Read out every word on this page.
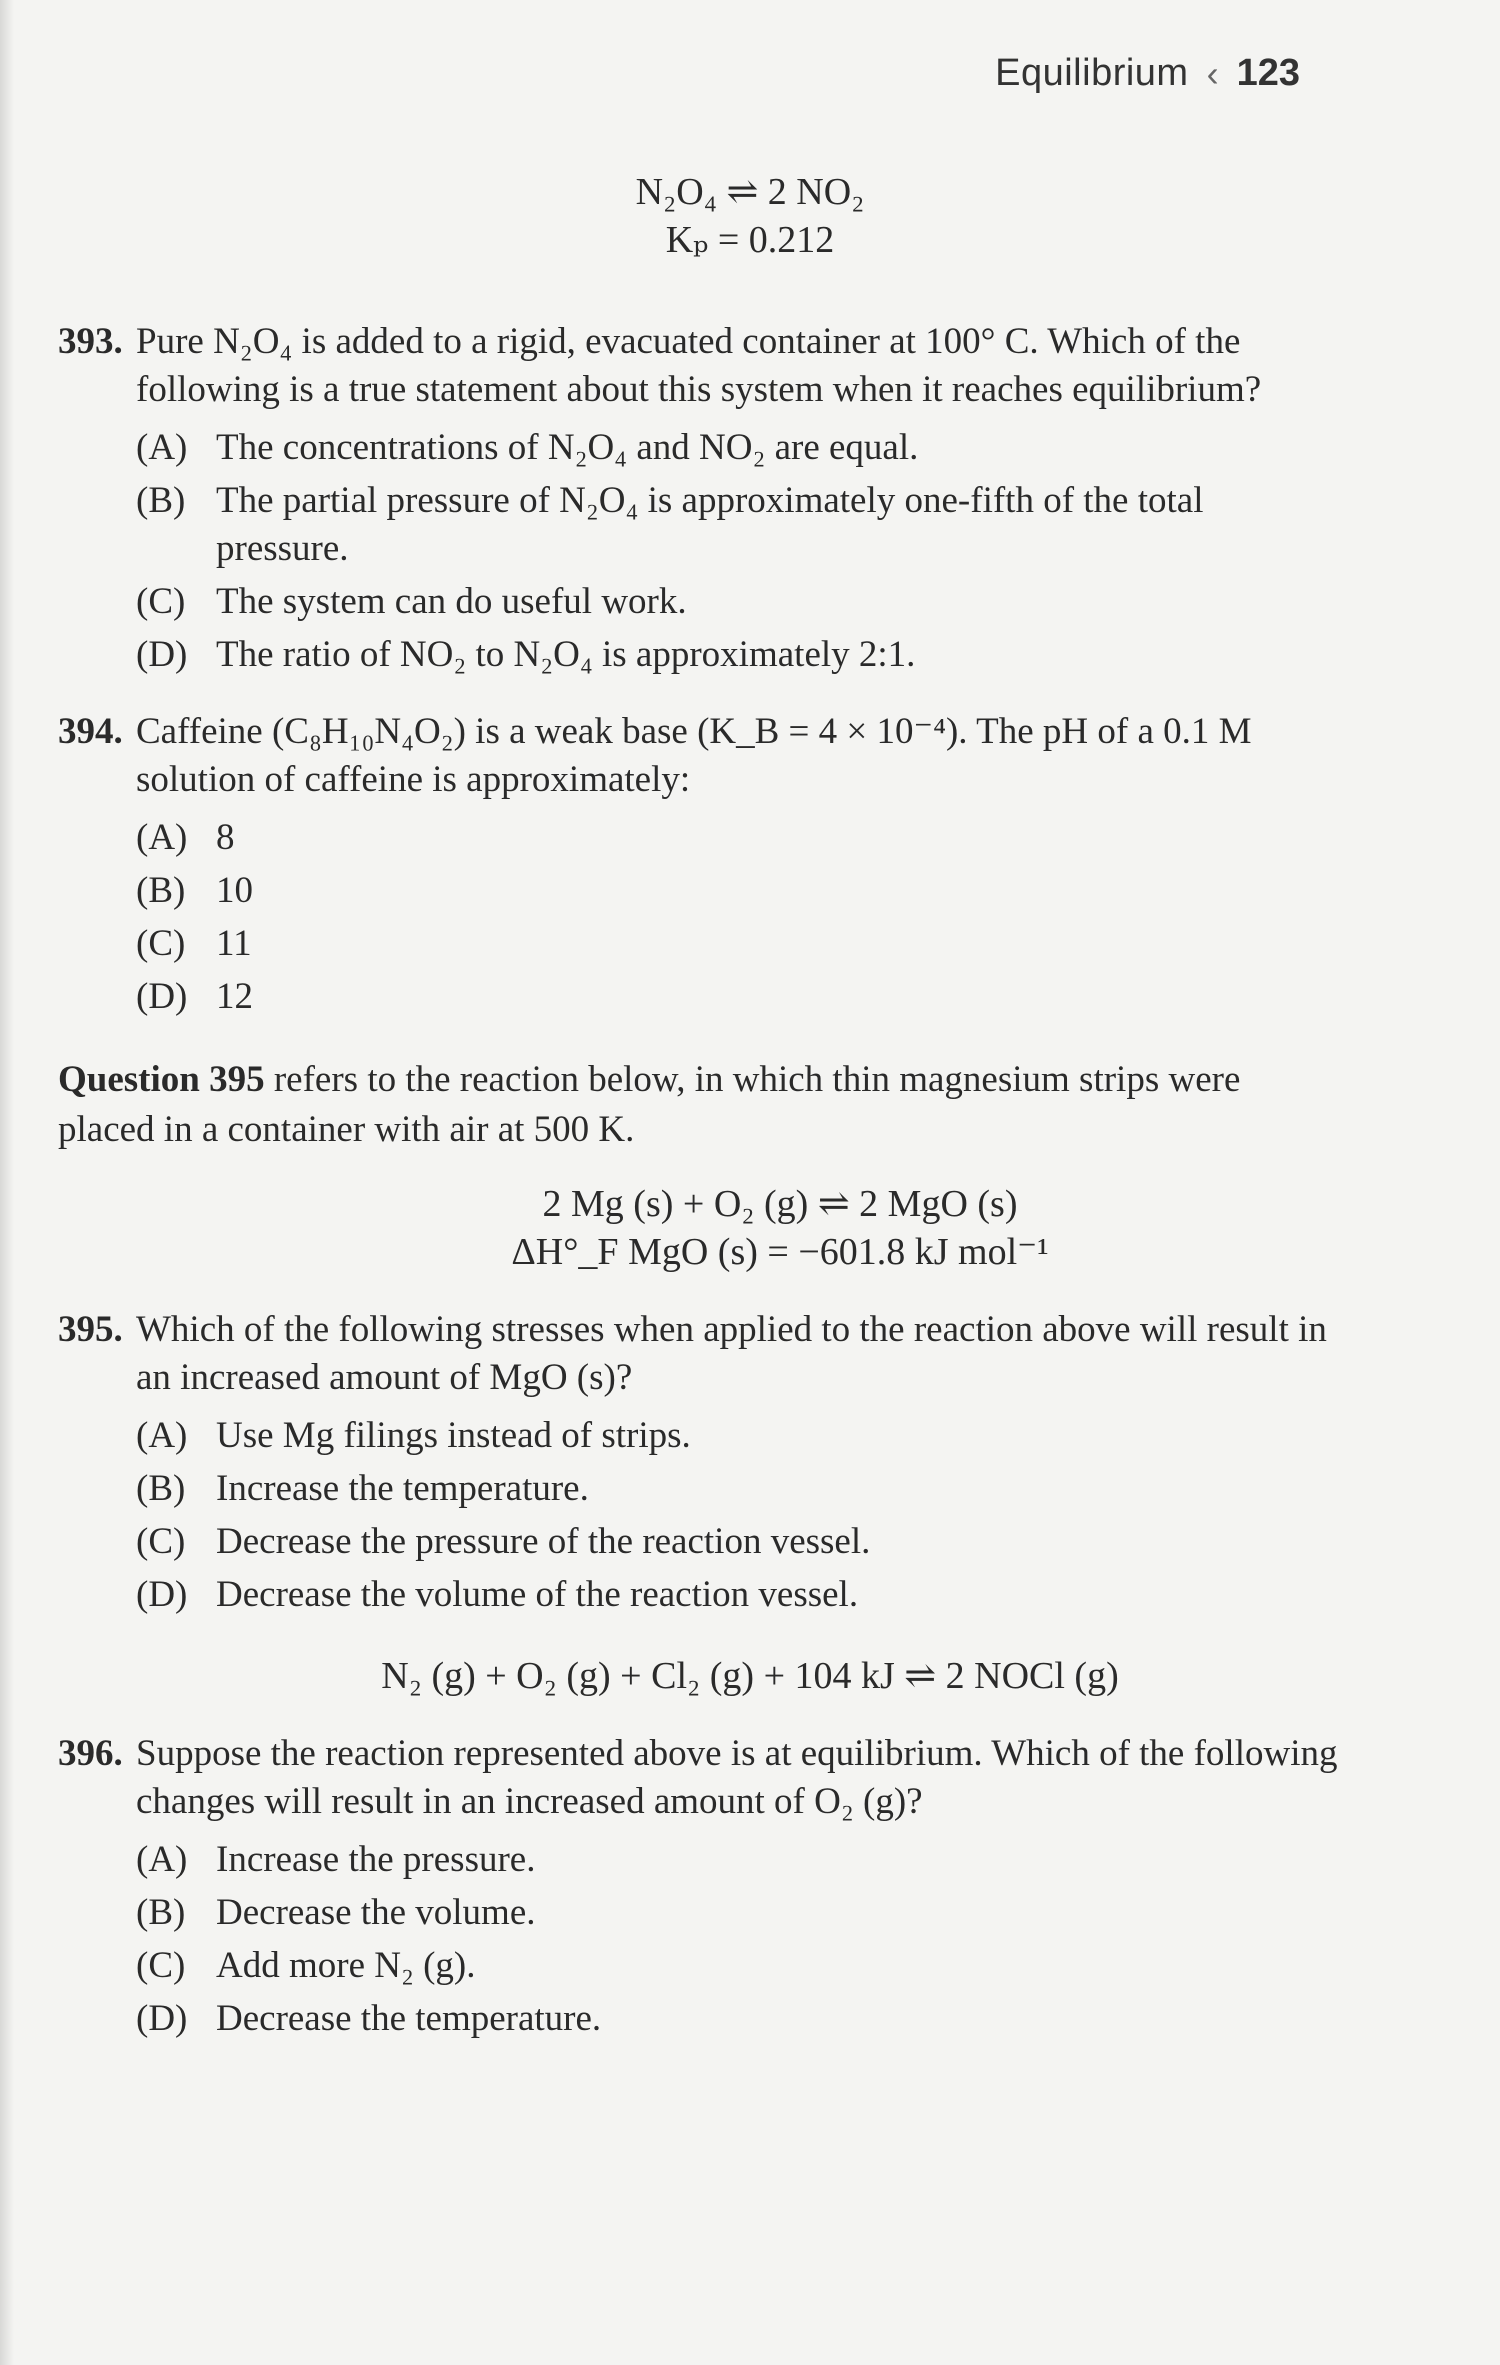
Equilibrium ‹ 123
N₂O₄ ⇌ 2 NO₂
Kₚ = 0.212
393. Pure N₂O₄ is added to a rigid, evacuated container at 100° C. Which of the following is a true statement about this system when it reaches equilibrium?
(A) The concentrations of N₂O₄ and NO₂ are equal.
(B) The partial pressure of N₂O₄ is approximately one-fifth of the total pressure.
(C) The system can do useful work.
(D) The ratio of NO₂ to N₂O₄ is approximately 2:1.
394. Caffeine (C₈H₁₀N₄O₂) is a weak base (K_B = 4 × 10⁻⁴). The pH of a 0.1 M solution of caffeine is approximately:
(A) 8
(B) 10
(C) 11
(D) 12
Question 395 refers to the reaction below, in which thin magnesium strips were placed in a container with air at 500 K.
2 Mg (s) + O₂ (g) ⇌ 2 MgO (s)
ΔH°_F MgO (s) = −601.8 kJ mol⁻¹
395. Which of the following stresses when applied to the reaction above will result in an increased amount of MgO (s)?
(A) Use Mg filings instead of strips.
(B) Increase the temperature.
(C) Decrease the pressure of the reaction vessel.
(D) Decrease the volume of the reaction vessel.
N₂ (g) + O₂ (g) + Cl₂ (g) + 104 kJ ⇌ 2 NOCl (g)
396. Suppose the reaction represented above is at equilibrium. Which of the following changes will result in an increased amount of O₂ (g)?
(A) Increase the pressure.
(B) Decrease the volume.
(C) Add more N₂ (g).
(D) Decrease the temperature.
